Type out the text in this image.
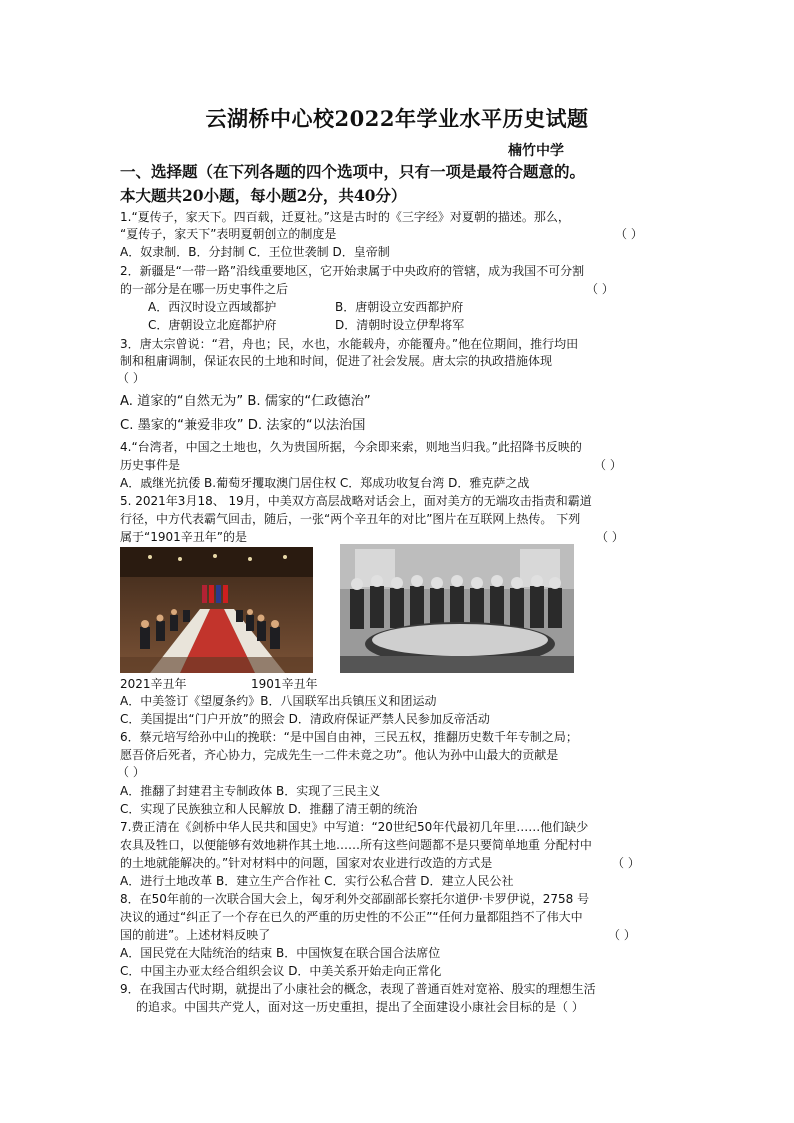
云湖桥中心校2022年学业水平历史试题
楠竹中学
一、选择题（在下列各题的四个选项中，只有一项是最符合题意的。
本大题共20小题，每小题2分，共40分）
1.“夏传子，家天下。四百载，迁夏社。”这是古时的《三字经》对夏朝的描述。那么，
“夏传子，家天下”表明夏朝创立的制度是	（ ）
A．奴隶制．B．分封制 C．王位世袭制 D．皇帝制
2．新疆是“一带一路”沿线重要地区，它开始隶属于中央政府的管辖，成为我国不可分割
的一部分是在哪一历史事件之后	（ ）
A．西汉时设立西域都护	B．唐朝设立安西都护府
C．唐朝设立北庭都护府	D．清朝时设立伊犁将军
3．唐太宗曾说：“君，舟也；民，水也，水能载舟，亦能覆舟。”他在位期间，推行均田
制和租庸调制，保证农民的土地和时间，促进了社会发展。唐太宗的执政措施体现
（ ）
A. 道家的“自然无为” B. 儒家的“仁政德治”
C. 墨家的“兼爱非攻” D. 法家的“以法治国
4.“台湾者，中国之土地也，久为贵国所据，今余即来索，则地当归我。”此招降书反映的
历史事件是	（ ）
A．戚继光抗倭 B.葡萄牙攫取澳门居住权 C．郑成功收复台湾 D．雅克萨之战
5. 2021年3月18、 19月，中美双方高层战略对话会上，面对美方的无端攻击指责和霸道
行径，中方代表霸气回击，随后，一张“两个辛丑年的对比”图片在互联网上热传。 下列
属于“1901辛丑年”的是	（ ）
2021辛丑年	1901辛丑年
A．中美签订《望厦条约》B．八国联军出兵镇压义和团运动
C．美国提出“门户开放”的照会 D．清政府保证严禁人民参加反帝活动
6．蔡元培写给孙中山的挽联：“是中国自由神，三民五权，推翻历史数千年专制之局；
愿吾侪后死者，齐心协力，完成先生一二件未竟之功”。他认为孙中山最大的贡献是
（ ）
A．推翻了封建君主专制政体 B．实现了三民主义
C．实现了民族独立和人民解放 D．推翻了清王朝的统治
7.费正清在《剑桥中华人民共和国史》中写道：“20世纪50年代最初几年里……他们缺少
农具及牲口，以便能够有效地耕作其土地……所有这些问题都不是只要简单地重 分配村中
的土地就能解决的。”针对材料中的问题，国家对农业进行改造的方式是	（ ）
A．进行土地改革 B．建立生产合作社 C．实行公私合营 D．建立人民公社
8．在50年前的一次联合国大会上，匈牙利外交部副部长察托尔道伊·卡罗伊说，2758 号
决议的通过“纠正了一个存在已久的严重的历史性的不公正”“任何力量都阻挡不了伟大中
国的前进”。上述材料反映了	（ ）
A．国民党在大陆统治的结束 B．中国恢复在联合国合法席位
C．中国主办亚太经合组织会议 D．中美关系开始走向正常化
9．在我国古代时期，就提出了小康社会的概念，表现了普通百姓对宽裕、殷实的理想生活
的追求。中国共产党人，面对这一历史重担，提出了全面建设小康社会目标的是（ ）
